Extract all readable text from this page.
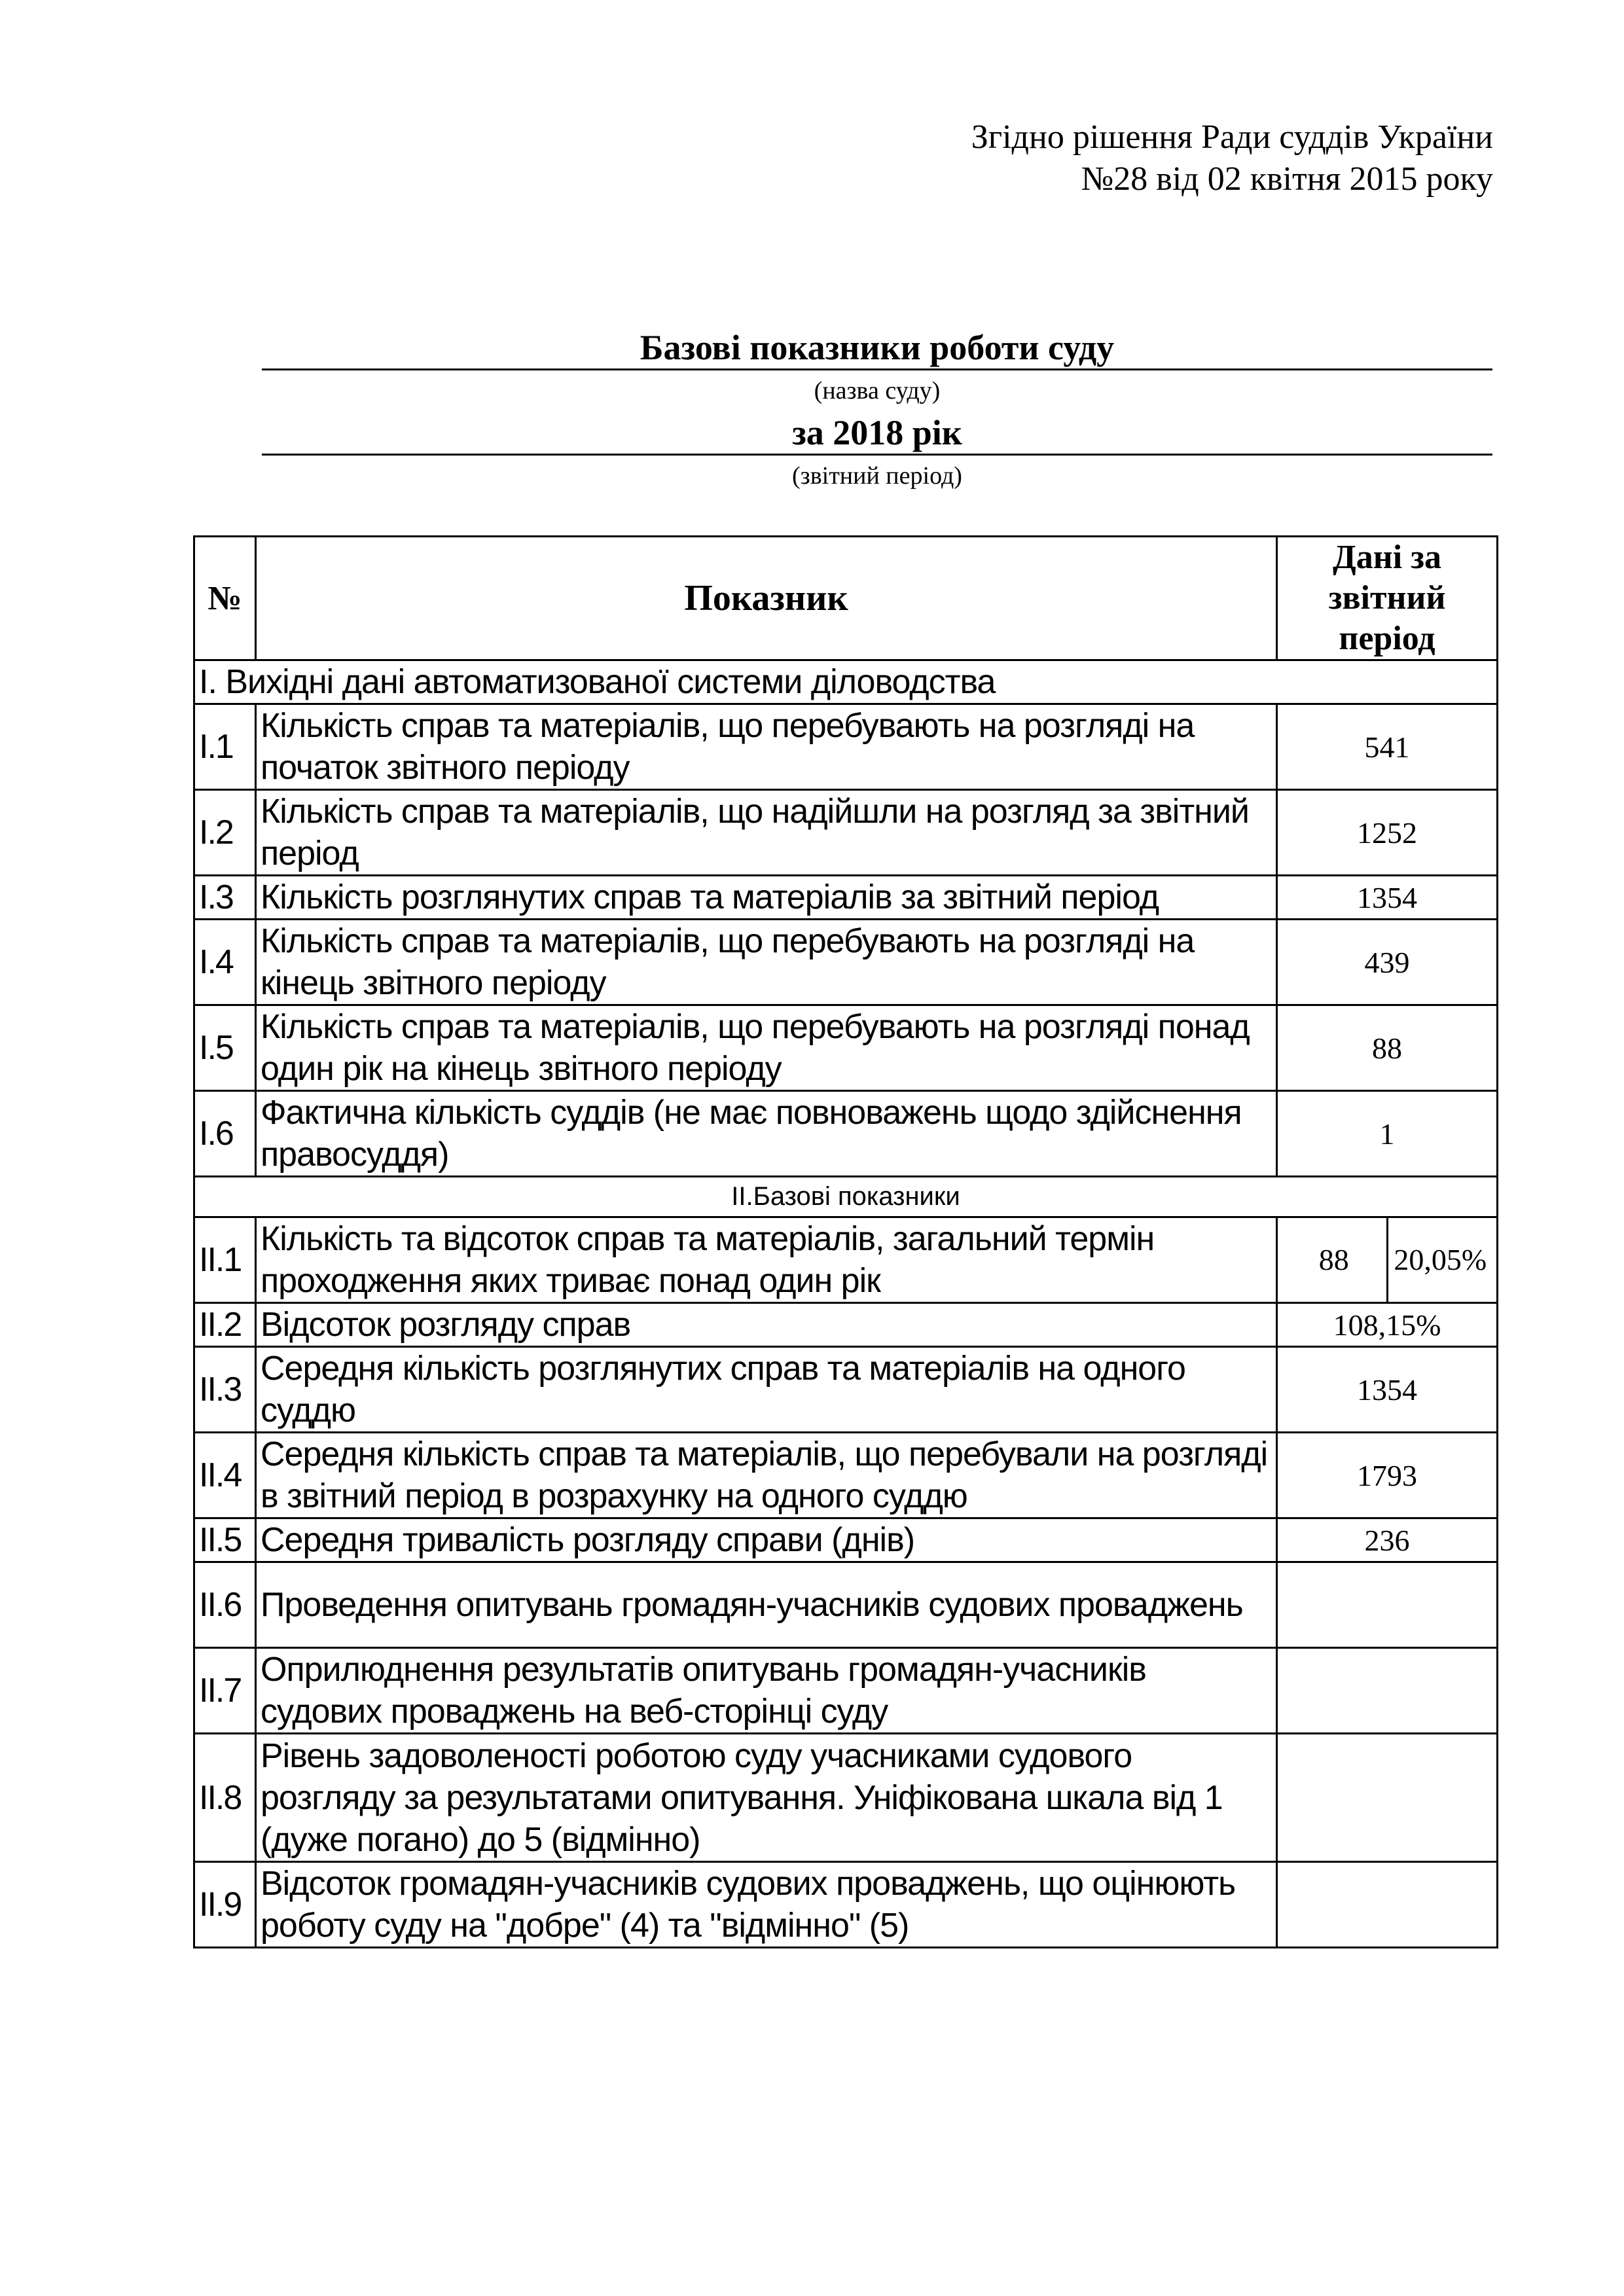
Згідно рішення Ради суддів України
№28 від 02 квітня 2015 року
Базові показники роботи суду
(назва суду)
за 2018 рік
(звітний період)
№	Показник	Дані за звітний період
I. Вихідні дані автоматизованої системи діловодства		
I.1	Кількість справ та матеріалів, що перебувають на розгляді на початок звітного періоду	541
I.2	Кількість справ та матеріалів, що надійшли на розгляд за звітний період	1252
I.3	Кількість розглянутих справ та матеріалів за звітний період	1354
I.4	Кількість справ та матеріалів, що перебувають на розгляді на кінець звітного періоду	439
I.5	Кількість справ та матеріалів, що перебувають на розгляді понад один рік на кінець звітного періоду	88
I.6	Фактична кількість суддів (не має повноважень щодо здійснення правосуддя)	1
II.Базові показники		
II.1	Кількість та відсоток справ та матеріалів, загальний термін проходження яких триває понад один рік	88 20,05%

II.2	Відсоток розгляду справ	108,15%
II.3	Середня кількість розглянутих справ та матеріалів на одного суддю	1354
II.4	Середня кількість справ та матеріалів, що перебували на розгляді в звітний період в розрахунку на одного суддю	1793
II.5	Середня тривалість розгляду справи (днів)	236
II.6	Проведення опитувань громадян-учасників судових проваджень	
II.7	Оприлюднення результатів опитувань громадян-учасників судових проваджень на веб-сторінці суду	
II.8	Рівень задоволеності роботою суду учасниками судового розгляду за результатами опитування. Уніфікована шкала від 1 (дуже погано) до 5 (відмінно)	
II.9	Відсоток громадян-учасників судових проваджень, що оцінюють роботу суду на "добре" (4) та "відмінно" (5)	
